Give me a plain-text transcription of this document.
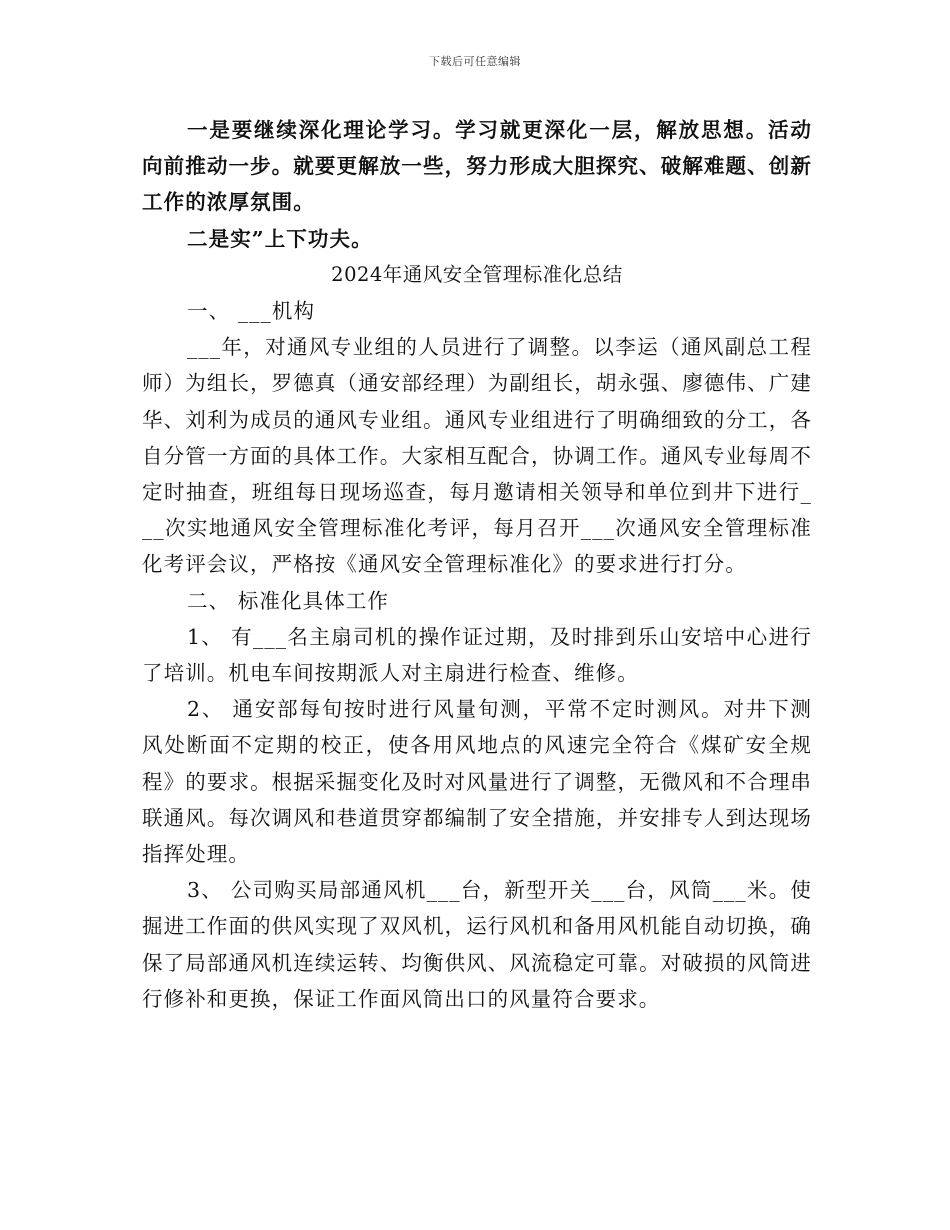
下载后可任意编辑

一是要继续深化理论学习。学习就更深化一层，解放思想。活动向前推动一步。就要更解放一些，努力形成大胆探究、破解难题、创新工作的浓厚氛围。

二是实”上下功夫。

2024年通风安全管理标准化总结

一、 ___机构

___年，对通风专业组的人员进行了调整。以李运（通风副总工程师）为组长，罗德真（通安部经理）为副组长，胡永强、廖德伟、广建华、刘利为成员的通风专业组。通风专业组进行了明确细致的分工，各自分管一方面的具体工作。大家相互配合，协调工作。通风专业每周不定时抽查，班组每日现场巡查，每月邀请相关领导和单位到井下进行___次实地通风安全管理标准化考评，每月召开___次通风安全管理标准化考评会议，严格按《通风安全管理标准化》的要求进行打分。

二、 标准化具体工作

1、 有___名主扇司机的操作证过期，及时排到乐山安培中心进行了培训。机电车间按期派人对主扇进行检查、维修。

2、 通安部每旬按时进行风量旬测，平常不定时测风。对井下测风处断面不定期的校正，使各用风地点的风速完全符合《煤矿安全规程》的要求。根据采掘变化及时对风量进行了调整，无微风和不合理串联通风。每次调风和巷道贯穿都编制了安全措施，并安排专人到达现场指挥处理。

3、 公司购买局部通风机___台，新型开关___台，风筒___米。使掘进工作面的供风实现了双风机，运行风机和备用风机能自动切换，确保了局部通风机连续运转、均衡供风、风流稳定可靠。对破损的风筒进行修补和更换，保证工作面风筒出口的风量符合要求。
